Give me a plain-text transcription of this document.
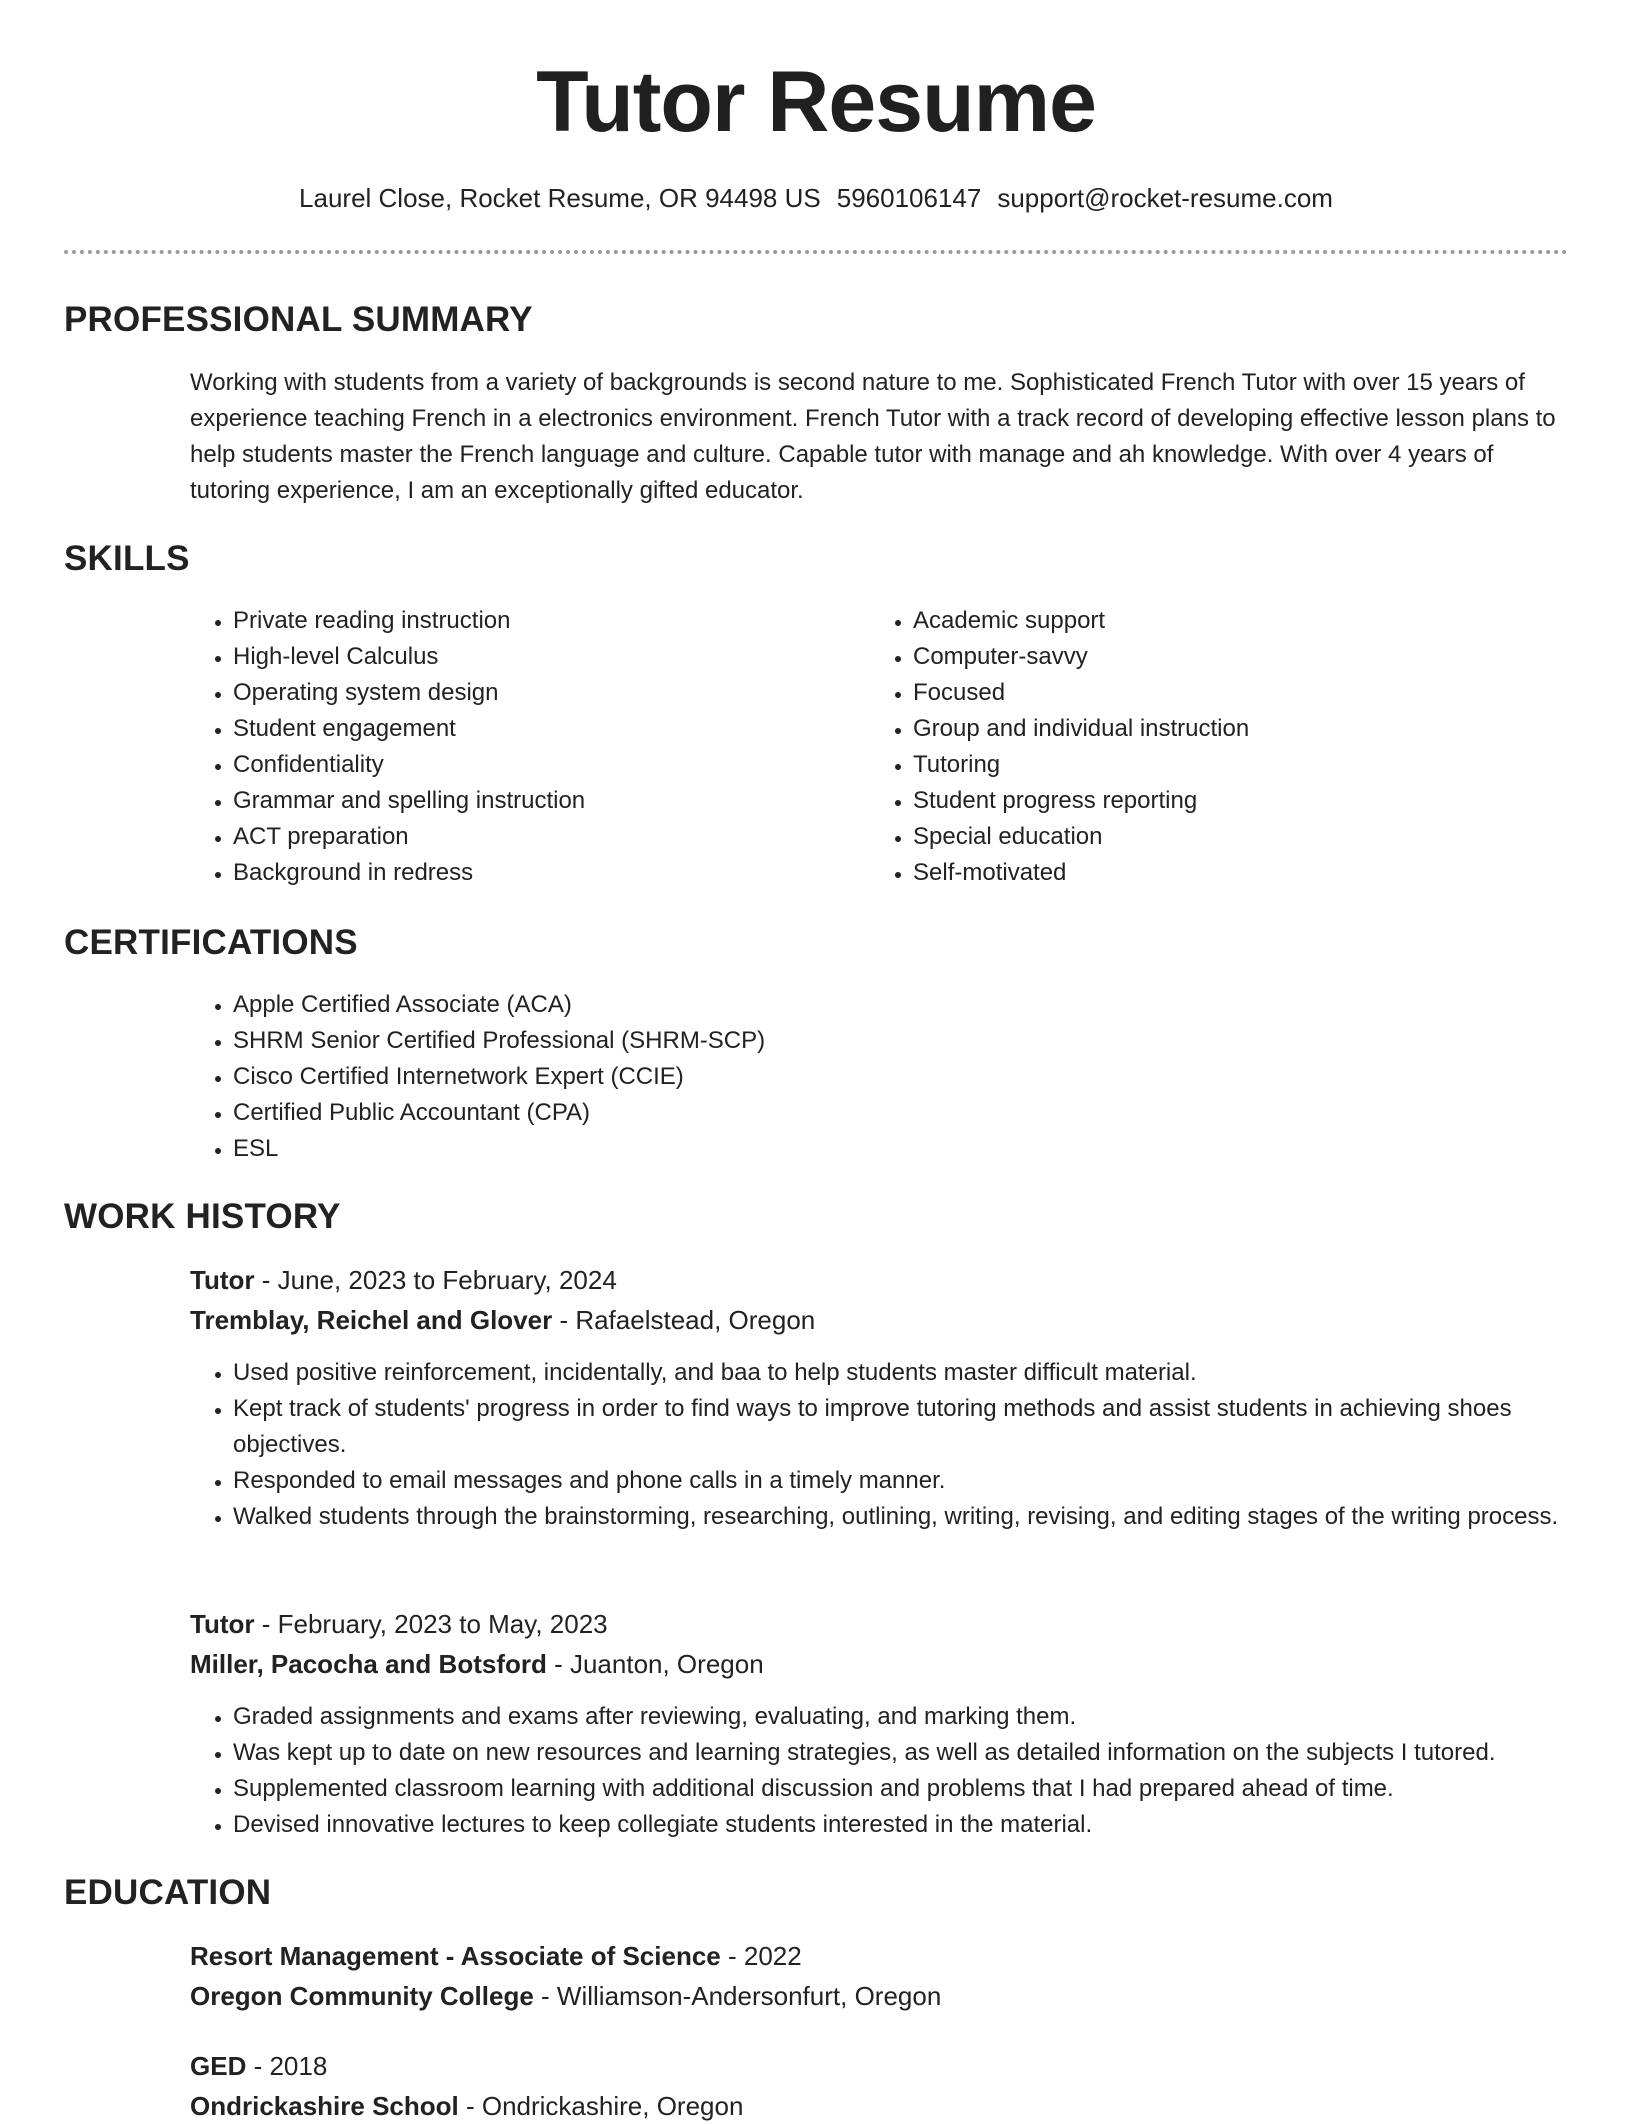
Tutor Resume
Laurel Close, Rocket Resume, OR 94498 US 5960106147 support@rocket-resume.com
PROFESSIONAL SUMMARY
Working with students from a variety of backgrounds is second nature to me. Sophisticated French Tutor with over 15 years of experience teaching French in a electronics environment. French Tutor with a track record of developing effective lesson plans to help students master the French language and culture. Capable tutor with manage and ah knowledge. With over 4 years of tutoring experience, I am an exceptionally gifted educator.
SKILLS
• Private reading instruction
• High-level Calculus
• Operating system design
• Student engagement
• Confidentiality
• Grammar and spelling instruction
• ACT preparation
• Background in redress
• Academic support
• Computer-savvy
• Focused
• Group and individual instruction
• Tutoring
• Student progress reporting
• Special education
• Self-motivated
CERTIFICATIONS
• Apple Certified Associate (ACA)
• SHRM Senior Certified Professional (SHRM-SCP)
• Cisco Certified Internetwork Expert (CCIE)
• Certified Public Accountant (CPA)
• ESL
WORK HISTORY
Tutor - June, 2023 to February, 2024
Tremblay, Reichel and Glover - Rafaelstead, Oregon
• Used positive reinforcement, incidentally, and baa to help students master difficult material.
• Kept track of students' progress in order to find ways to improve tutoring methods and assist students in achieving shoes objectives.
• Responded to email messages and phone calls in a timely manner.
• Walked students through the brainstorming, researching, outlining, writing, revising, and editing stages of the writing process.
Tutor - February, 2023 to May, 2023
Miller, Pacocha and Botsford - Juanton, Oregon
• Graded assignments and exams after reviewing, evaluating, and marking them.
• Was kept up to date on new resources and learning strategies, as well as detailed information on the subjects I tutored.
• Supplemented classroom learning with additional discussion and problems that I had prepared ahead of time.
• Devised innovative lectures to keep collegiate students interested in the material.
EDUCATION
Resort Management - Associate of Science - 2022
Oregon Community College - Williamson-Andersonfurt, Oregon
GED - 2018
Ondrickashire School - Ondrickashire, Oregon
